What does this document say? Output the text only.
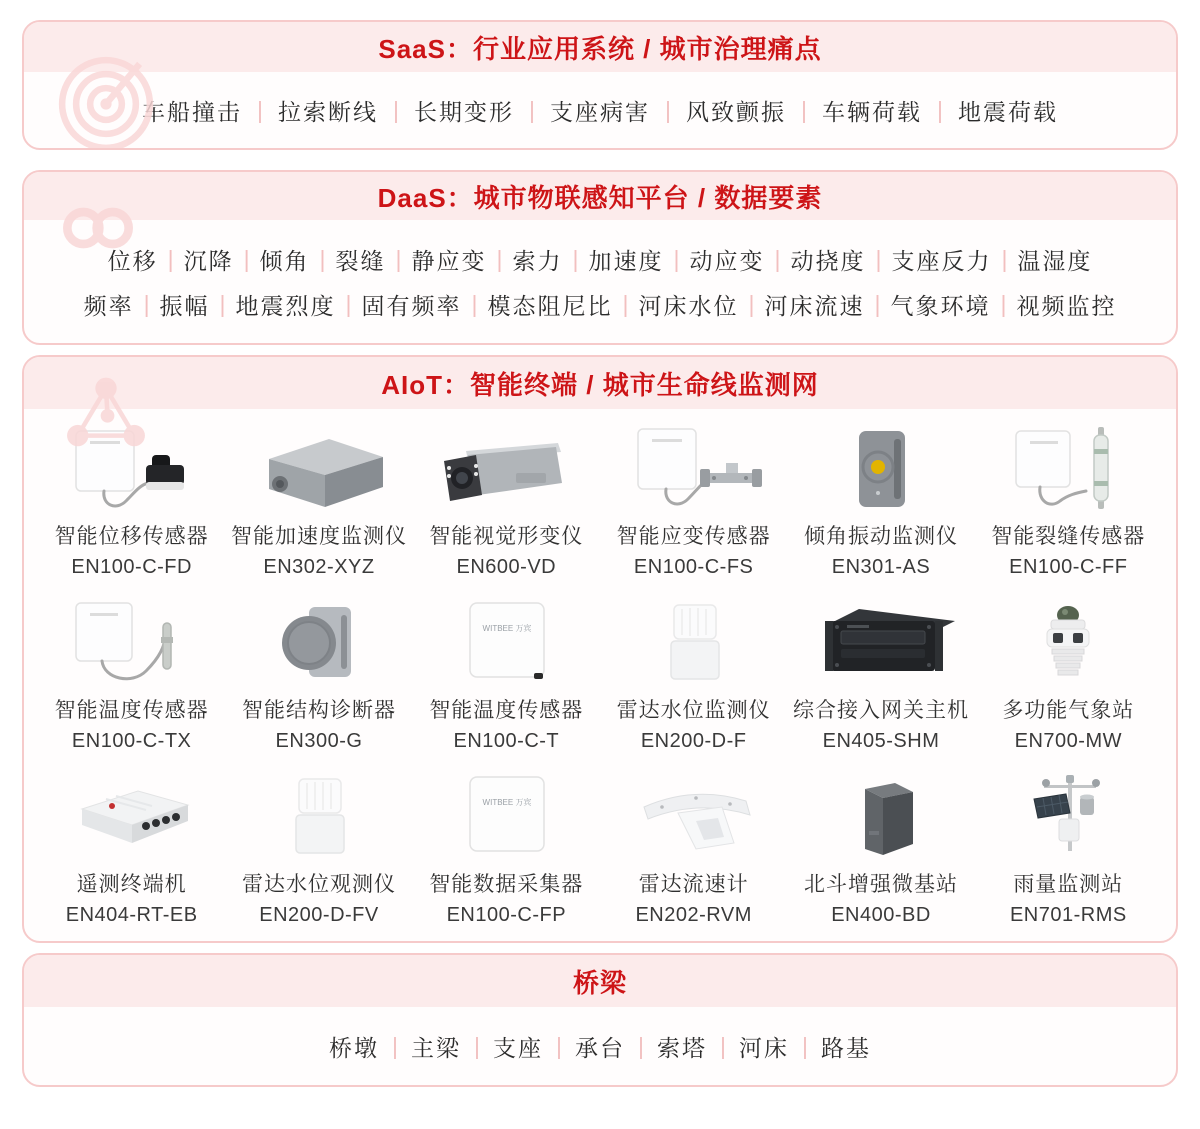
SaaS：行业应用系统 / 城市治理痛点
车船撞击 | 拉索断线 | 长期变形 | 支座病害 | 风致颤振 | 车辆荷载 | 地震荷载
DaaS：城市物联感知平台 / 数据要素
位移 | 沉降 | 倾角 | 裂缝 | 静应变 | 索力 | 加速度 | 动应变 | 动挠度 | 支座反力 | 温湿度
频率 | 振幅 | 地震烈度 | 固有频率 | 模态阻尼比 | 河床水位 | 河床流速 | 气象环境 | 视频监控
AIoT：智能终端 / 城市生命线监测网
智能位移传感器
EN100-C-FD
智能加速度监测仪
EN302-XYZ
智能视觉形变仪
EN600-VD
智能应变传感器
EN100-C-FS
倾角振动监测仪
EN301-AS
智能裂缝传感器
EN100-C-FF
智能温度传感器
EN100-C-TX
智能结构诊断器
EN300-G
WITBEE 万宾
智能温度传感器
EN100-C-T
雷达水位监测仪
EN200-D-F
综合接入网关主机
EN405-SHM
多功能气象站
EN700-MW
遥测终端机
EN404-RT-EB
雷达水位观测仪
EN200-D-FV
WITBEE 万宾
智能数据采集器
EN100-C-FP
雷达流速计
EN202-RVM
北斗增强微基站
EN400-BD
雨量监测站
EN701-RMS
桥梁
桥墩 | 主梁 | 支座 | 承台 | 索塔 | 河床 | 路基
